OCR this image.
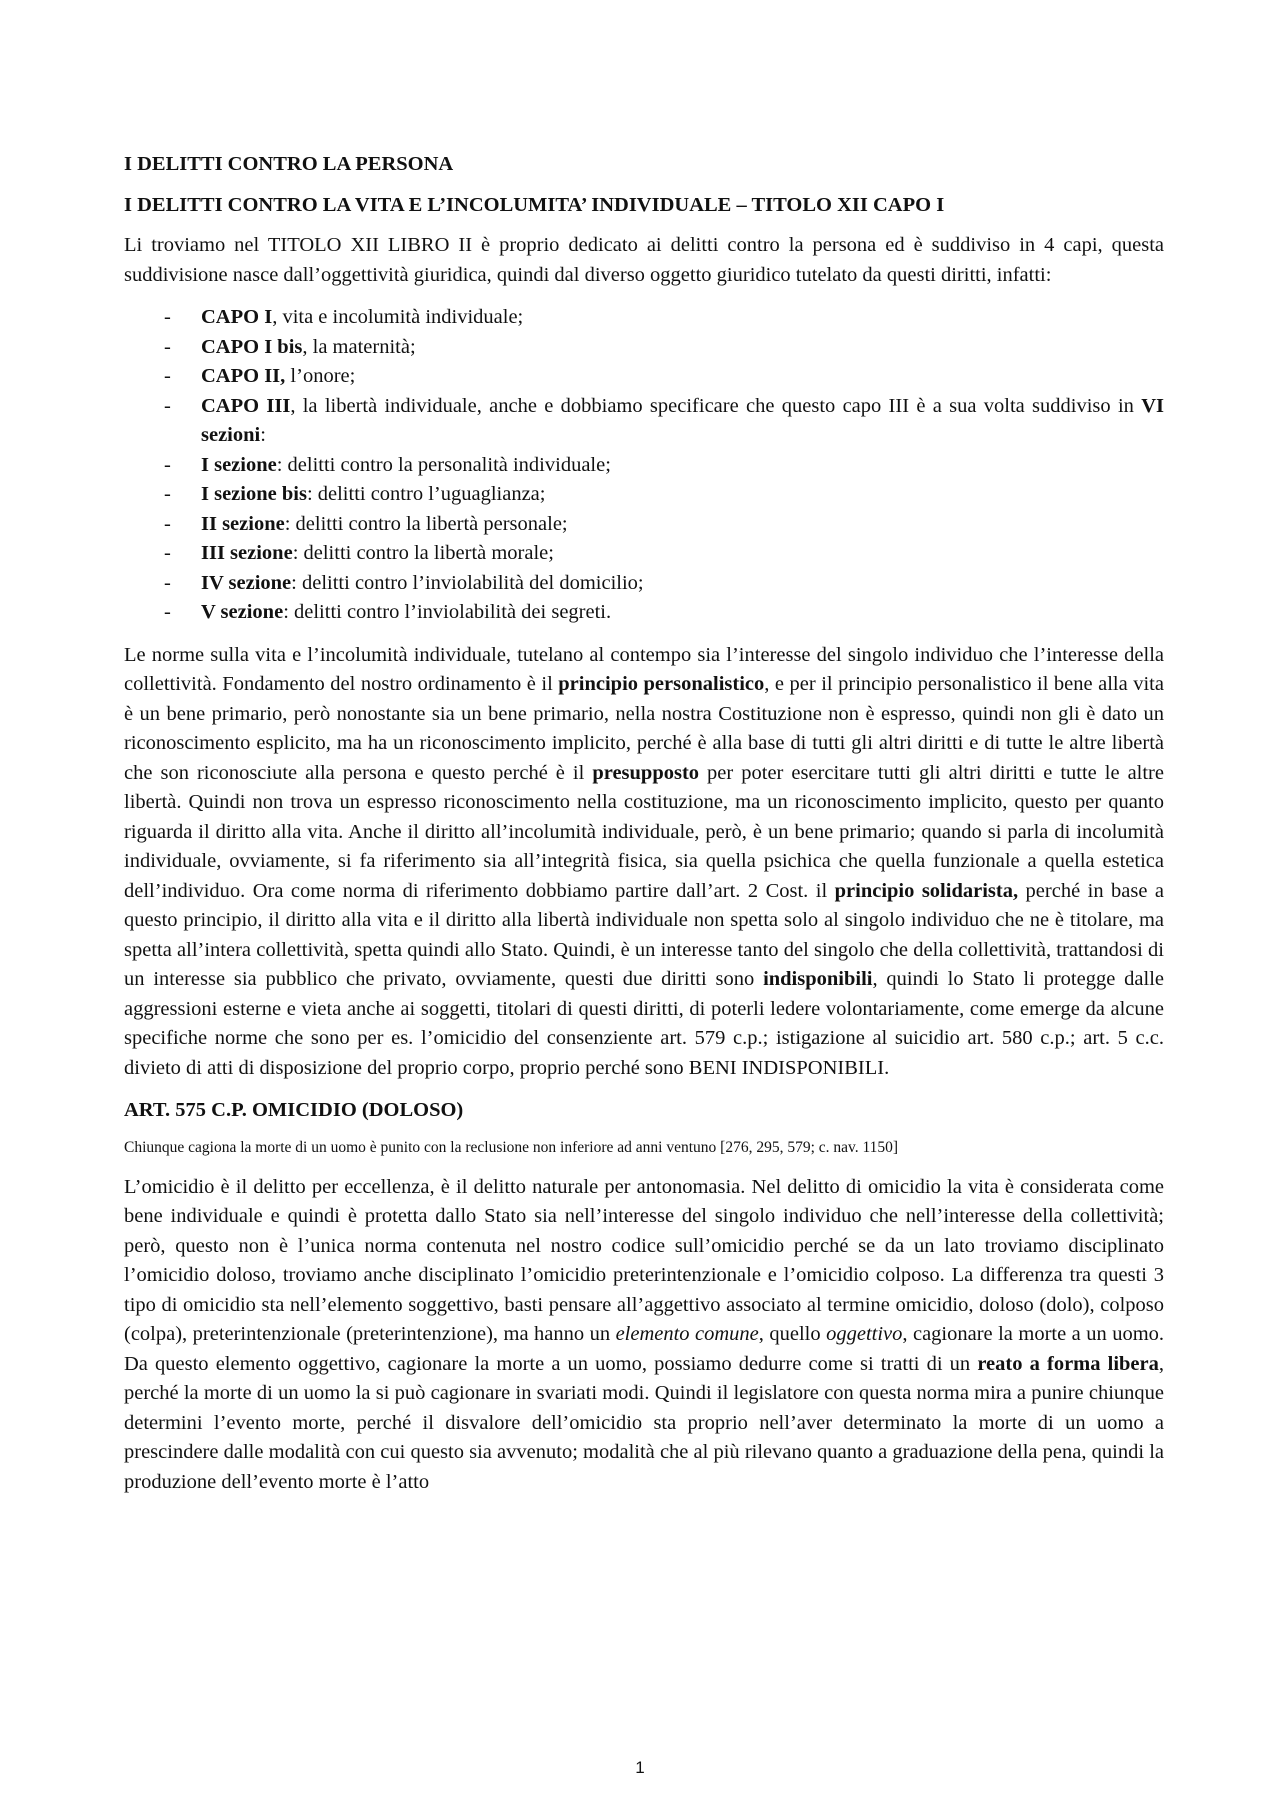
I DELITTI CONTRO LA PERSONA
I DELITTI CONTRO LA VITA E L’INCOLUMITA’ INDIVIDUALE – TITOLO XII CAPO I
Li troviamo nel TITOLO XII LIBRO II è proprio dedicato ai delitti contro la persona ed è suddiviso in 4 capi, questa suddivisione nasce dall’oggettività giuridica, quindi dal diverso oggetto giuridico tutelato da questi diritti, infatti:
- CAPO I, vita e incolumità individuale;
- CAPO I bis, la maternità;
- CAPO II, l’onore;
- CAPO III, la libertà individuale, anche e dobbiamo specificare che questo capo III è a sua volta suddiviso in VI sezioni:
- I sezione: delitti contro la personalità individuale;
- I sezione bis: delitti contro l’uguaglianza;
- II sezione: delitti contro la libertà personale;
- III sezione: delitti contro la libertà morale;
- IV sezione: delitti contro l’inviolabilità del domicilio;
- V sezione: delitti contro l’inviolabilità dei segreti.
Le norme sulla vita e l’incolumità individuale, tutelano al contempo sia l’interesse del singolo individuo che l’interesse della collettività. Fondamento del nostro ordinamento è il principio personalistico, e per il principio personalistico il bene alla vita è un bene primario, però nonostante sia un bene primario, nella nostra Costituzione non è espresso, quindi non gli è dato un riconoscimento esplicito, ma ha un riconoscimento implicito, perché è alla base di tutti gli altri diritti e di tutte le altre libertà che son riconosciute alla persona e questo perché è il presupposto per poter esercitare tutti gli altri diritti e tutte le altre libertà. Quindi non trova un espresso riconoscimento nella costituzione, ma un riconoscimento implicito, questo per quanto riguarda il diritto alla vita. Anche il diritto all’incolumità individuale, però, è un bene primario; quando si parla di incolumità individuale, ovviamente, si fa riferimento sia all’integrità fisica, sia quella psichica che quella funzionale a quella estetica dell’individuo. Ora come norma di riferimento dobbiamo partire dall’art. 2 Cost. il principio solidarista, perché in base a questo principio, il diritto alla vita e il diritto alla libertà individuale non spetta solo al singolo individuo che ne è titolare, ma spetta all’intera collettività, spetta quindi allo Stato. Quindi, è un interesse tanto del singolo che della collettività, trattandosi di un interesse sia pubblico che privato, ovviamente, questi due diritti sono indisponibili, quindi lo Stato li protegge dalle aggressioni esterne e vieta anche ai soggetti, titolari di questi diritti, di poterli ledere volontariamente, come emerge da alcune specifiche norme che sono per es. l’omicidio del consenziente art. 579 c.p.; istigazione al suicidio art. 580 c.p.; art. 5 c.c. divieto di atti di disposizione del proprio corpo, proprio perché sono BENI INDISPONIBILI.
ART. 575 C.P. OMICIDIO (DOLOSO)
Chiunque cagiona la morte di un uomo è punito con la reclusione non inferiore ad anni ventuno [276, 295, 579; c. nav. 1150]
L’omicidio è il delitto per eccellenza, è il delitto naturale per antonomasia. Nel delitto di omicidio la vita è considerata come bene individuale e quindi è protetta dallo Stato sia nell’interesse del singolo individuo che nell’interesse della collettività; però, questo non è l’unica norma contenuta nel nostro codice sull’omicidio perché se da un lato troviamo disciplinato l’omicidio doloso, troviamo anche disciplinato l’omicidio preterintenzionale e l’omicidio colposo. La differenza tra questi 3 tipo di omicidio sta nell’elemento soggettivo, basti pensare all’aggettivo associato al termine omicidio, doloso (dolo), colposo (colpa), preterintenzionale (preterintenzione), ma hanno un elemento comune, quello oggettivo, cagionare la morte a un uomo. Da questo elemento oggettivo, cagionare la morte a un uomo, possiamo dedurre come si tratti di un reato a forma libera, perché la morte di un uomo la si può cagionare in svariati modi. Quindi il legislatore con questa norma mira a punire chiunque determini l’evento morte, perché il disvalore dell’omicidio sta proprio nell’aver determinato la morte di un uomo a prescindere dalle modalità con cui questo sia avvenuto; modalità che al più rilevano quanto a graduazione della pena, quindi la produzione dell’evento morte è l’atto
1
